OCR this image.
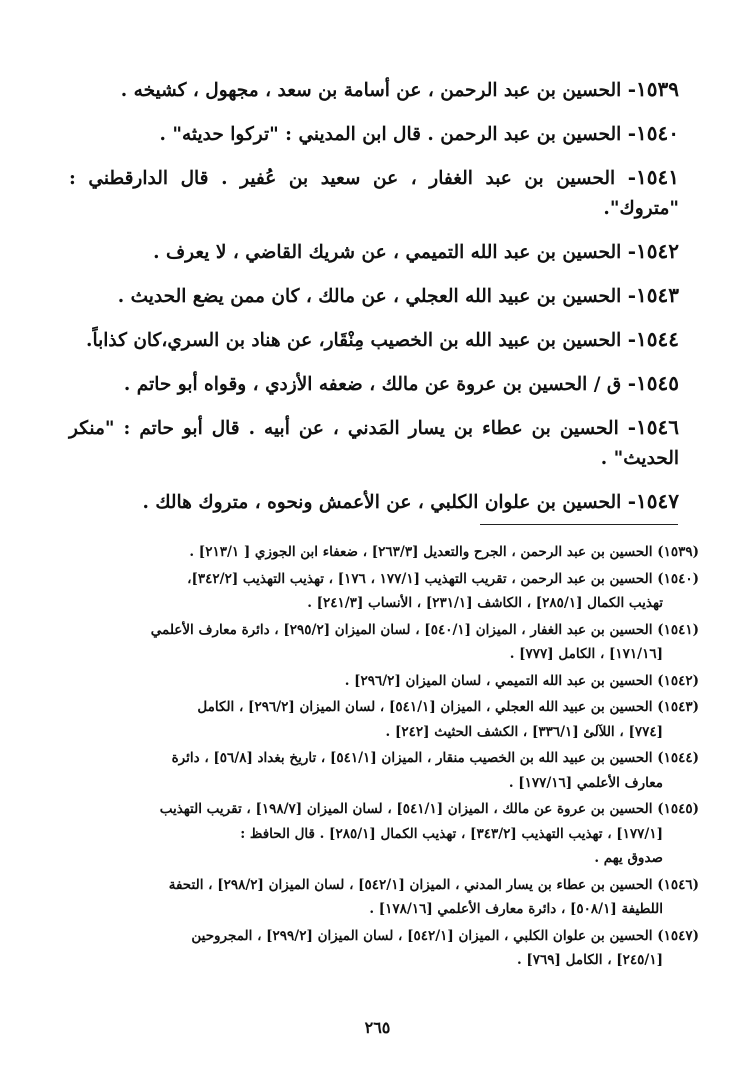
١٥٣٩- الحسين بن عبد الرحمن ، عن أسامة بن سعد ، مجهول ، كشيخه .
١٥٤٠- الحسين بن عبد الرحمن . قال ابن المديني : "تركوا حديثه" .
١٥٤١- الحسين بن عبد الغفار ، عن سعيد بن عُفير . قال الدارقطني : "متروك".
١٥٤٢- الحسين بن عبد الله التميمي ، عن شريك القاضي ، لا يعرف .
١٥٤٣- الحسين بن عبيد الله العجلي ، عن مالك ، كان ممن يضع الحديث .
١٥٤٤- الحسين بن عبيد الله بن الخصيب مِنْقَار، عن هناد بن السري،كان كذاباً.
١٥٤٥- ق / الحسين بن عروة عن مالك ، ضعفه الأزدي ، وقواه أبو حاتم .
١٥٤٦- الحسين بن عطاء بن يسار المَدني ، عن أبيه . قال أبو حاتم : "منكر الحديث" .
١٥٤٧- الحسين بن علوان الكلبي ، عن الأعمش ونحوه ، متروك هالك .
(١٥٣٩) الحسين بن عبد الرحمن ، الجرح والتعديل [٢٦٣/٣] ، ضعفاء ابن الجوزي [ ٢١٣/١] .
(١٥٤٠) الحسين بن عبد الرحمن ، تقريب التهذيب [١٧٧/١ ، ١٧٦] ، تهذيب التهذيب [٣٤٢/٢]،
تهذيب الكمال [٢٨٥/١] ، الكاشف [٢٣١/١] ، الأنساب [٢٤١/٣] .
(١٥٤١) الحسين بن عبد الغفار ، الميزان [٥٤٠/١] ، لسان الميزان [٢٩٥/٢] ، دائرة معارف الأعلمي
[١٧١/١٦] ، الكامل [٧٧٧] .
(١٥٤٢) الحسين بن عبد الله التميمي ، لسان الميزان [٢٩٦/٢] .
(١٥٤٣) الحسين بن عبيد الله العجلي ، الميزان [٥٤١/١] ، لسان الميزان [٢٩٦/٢] ، الكامل
[٧٧٤] ، اللآلئ [٣٣٦/١] ، الكشف الحثيث [٢٤٢] .
(١٥٤٤) الحسين بن عبيد الله بن الخصيب منقار ، الميزان [٥٤١/١] ، تاريخ بغداد [٥٦/٨] ، دائرة
معارف الأعلمي [١٧٧/١٦] .
(١٥٤٥) الحسين بن عروة عن مالك ، الميزان [٥٤١/١] ، لسان الميزان [١٩٨/٧] ، تقريب التهذيب
[١٧٧/١] ، تهذيب التهذيب [٣٤٣/٢] ، تهذيب الكمال [٢٨٥/١] . قال الحافظ :
صدوق يهم .
(١٥٤٦) الحسين بن عطاء بن يسار المدني ، الميزان [٥٤٢/١] ، لسان الميزان [٢٩٨/٢] ، التحفة
اللطيفة [٥٠٨/١] ، دائرة معارف الأعلمي [١٧٨/١٦] .
(١٥٤٧) الحسين بن علوان الكلبي ، الميزان [٥٤٢/١] ، لسان الميزان [٢٩٩/٢] ، المجروحين
[٢٤٥/١] ، الكامل [٧٦٩] .
٢٦٥
